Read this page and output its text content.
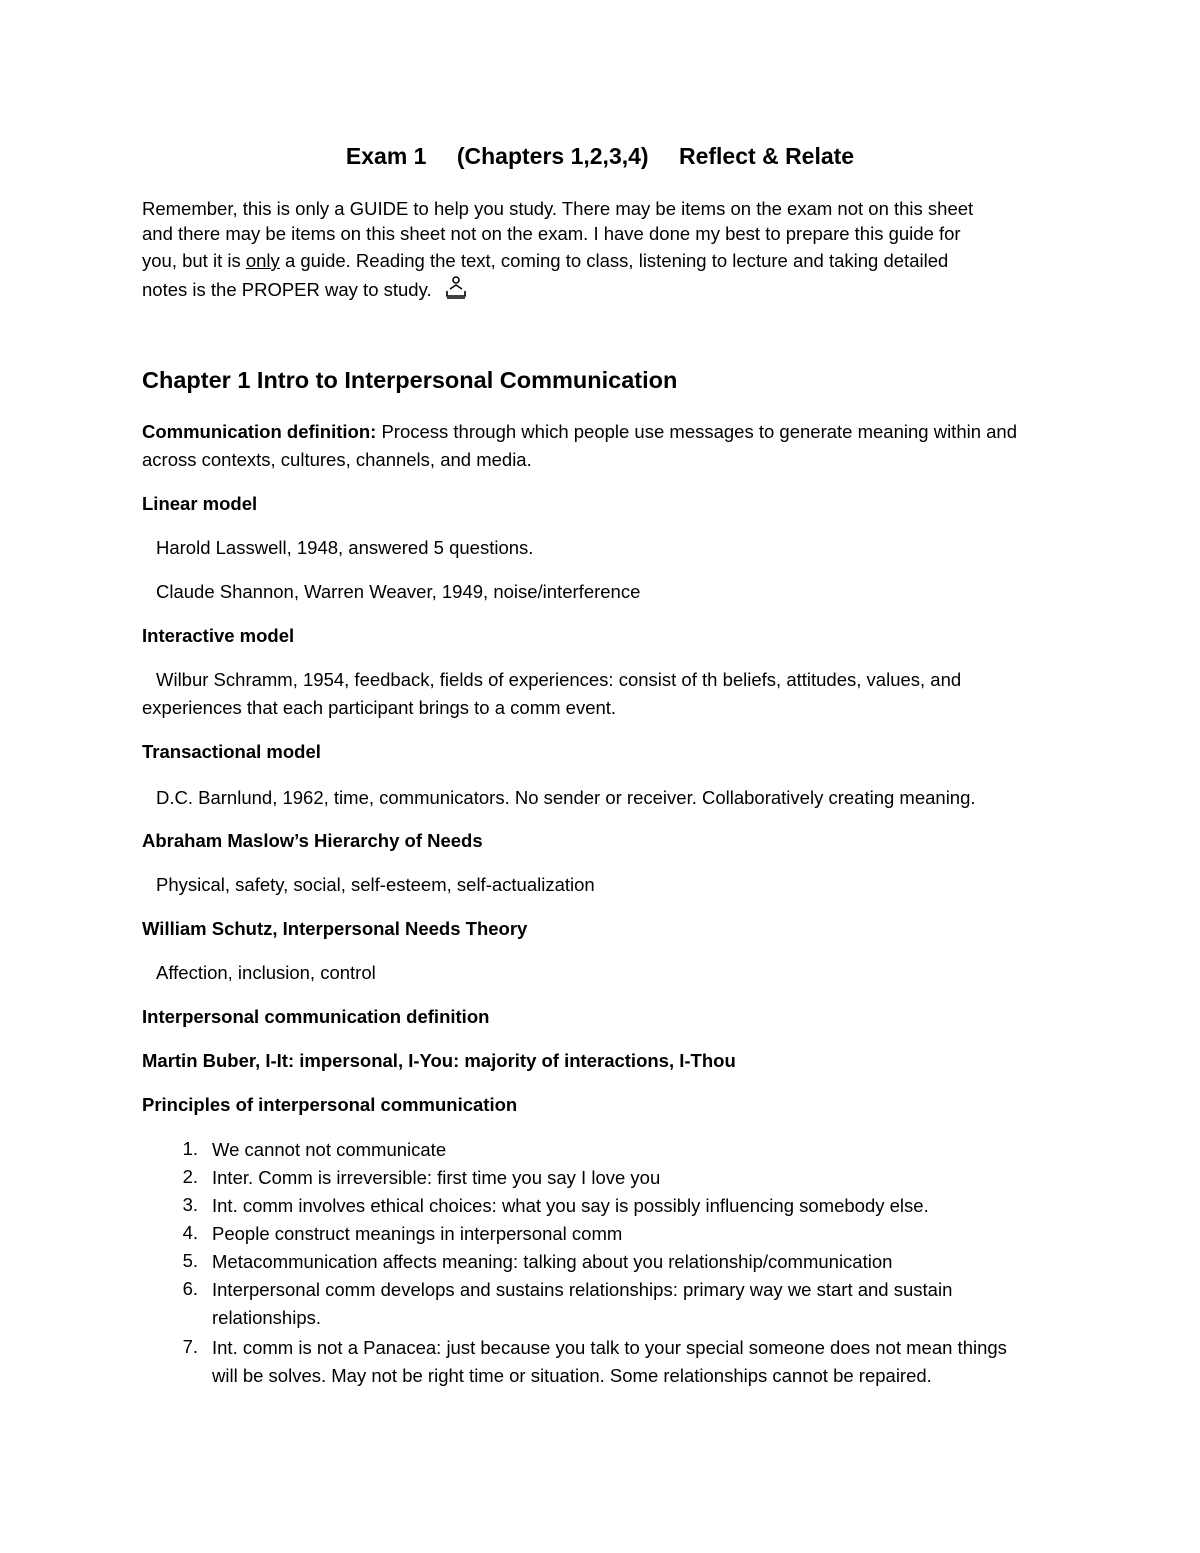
Exam 1 (Chapters 1,2,3,4) Reflect & Relate
Remember, this is only a GUIDE to help you study. There may be items on the exam not on this sheet
and there may be items on this sheet not on the exam. I have done my best to prepare this guide for
you, but it is only a guide. Reading the text, coming to class, listening to lecture and taking detailed
notes is the PROPER way to study.
Chapter 1 Intro to Interpersonal Communication
Communication definition: Process through which people use messages to generate meaning within and
across contexts, cultures, channels, and media.
Linear model
Harold Lasswell, 1948, answered 5 questions.
Claude Shannon, Warren Weaver, 1949, noise/interference
Interactive model
Wilbur Schramm, 1954, feedback, fields of experiences: consist of th beliefs, attitudes, values, and
experiences that each participant brings to a comm event.
Transactional model
D.C. Barnlund, 1962, time, communicators. No sender or receiver. Collaboratively creating meaning.
Abraham Maslow’s Hierarchy of Needs
Physical, safety, social, self-esteem, self-actualization
William Schutz, Interpersonal Needs Theory
Affection, inclusion, control
Interpersonal communication definition
Martin Buber, I-It: impersonal, I-You: majority of interactions, I-Thou
Principles of interpersonal communication
1. We cannot not communicate
2. Inter. Comm is irreversible: first time you say I love you
3. Int. comm involves ethical choices: what you say is possibly influencing somebody else.
4. People construct meanings in interpersonal comm
5. Metacommunication affects meaning: talking about you relationship/communication
6. Interpersonal comm develops and sustains relationships: primary way we start and sustain
relationships.
7. Int. comm is not a Panacea: just because you talk to your special someone does not mean things
will be solves. May not be right time or situation. Some relationships cannot be repaired.
